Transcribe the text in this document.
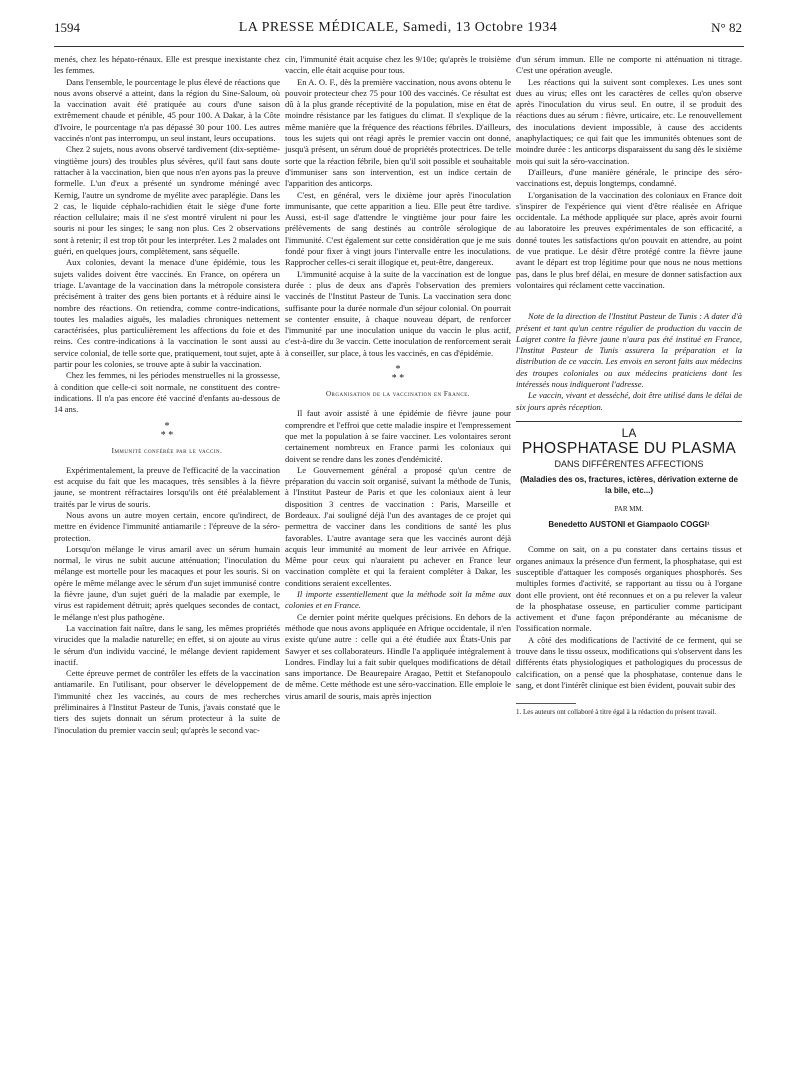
1594	LA PRESSE MÉDICALE, Samedi, 13 Octobre 1934	N° 82

menés, chez les hépato-rénaux. Elle est presque inexistante chez les femmes.

Dans l'ensemble, le pourcentage le plus élevé de réactions que nous avons observé a atteint, dans la région du Sine-Saloum, où la vaccination avait été pratiquée au cours d'une saison extrêmement chaude et pénible, 45 pour 100. A Dakar, à la Côte d'Ivoire, le pourcentage n'a pas dépassé 30 pour 100. Les autres vaccinés n'ont pas interrompu, un seul instant, leurs occupations.

Chez 2 sujets, nous avons observé tardivement (dix-septième-vingtième jours) des troubles plus sévères, qu'il faut sans doute rattacher à la vaccination, bien que nous n'en ayons pas la preuve formelle. L'un d'eux a présenté un syndrome méningé avec Kernig, l'autre un syndrome de myélite avec paraplégie. Dans les 2 cas, le liquide céphalo-rachidien était le siège d'une forte réaction cellulaire; mais il ne s'est montré virulent ni pour les souris ni pour les singes; le sang non plus. Ces 2 observations sont à retenir; il est trop tôt pour les interpréter. Les 2 malades ont guéri, en quelques jours, complètement, sans séquelle.

Aux colonies, devant la menace d'une épidémie, tous les sujets valides doivent être vaccinés. En France, on opérera un triage. L'avantage de la vaccination dans la métropole consistera précisément à traiter des gens bien portants et à réduire ainsi le nombre des réactions. On retiendra, comme contre-indications, toutes les maladies aiguës, les maladies chroniques nettement caractérisées, plus particulièrement les affections du foie et des reins. Ces contre-indications à la vaccination le sont aussi au service colonial, de telle sorte que, pratiquement, tout sujet, apte à partir pour les colonies, se trouve apte à subir la vaccination.

Chez les femmes, ni les périodes menstruelles ni la grossesse, à condition que celle-ci soit normale, ne constituent des contre-indications. Il n'a pas encore été vacciné d'enfants au-dessous de 14 ans.

*
* *
Immunité conférée par le vaccin.

Expérimentalement, la preuve de l'efficacité de la vaccination est acquise du fait que les macaques, très sensibles à la fièvre jaune, se montrent réfractaires lorsqu'ils ont été préalablement traités par le virus de souris.

Nous avons un autre moyen certain, encore qu'indirect, de mettre en évidence l'immunité antiamarile : l'épreuve de la séro-protection.

Lorsqu'on mélange le virus amaril avec un sérum humain normal, le virus ne subit aucune atténuation; l'inoculation du mélange est mortelle pour les macaques et pour les souris. Si on opère le même mélange avec le sérum d'un sujet immunisé contre la fièvre jaune, d'un sujet guéri de la maladie par exemple, le virus est rapidement détruit; après quelques secondes de contact, le mélange n'est plus pathogène.

La vaccination fait naître, dans le sang, les mêmes propriétés virucides que la maladie naturelle; en effet, si on ajoute au virus le sérum d'un individu vacciné, le mélange devient rapidement inactif.

Cette épreuve permet de contrôler les effets de la vaccination antiamarile. En l'utilisant, pour observer le développement de l'immunité chez les vaccinés, au cours de mes recherches préliminaires à l'Institut Pasteur de Tunis, j'avais constaté que le tiers des sujets donnait un sérum protecteur à la suite de l'inoculation du premier vaccin seul; qu'après le second vac-

cin, l'immunité était acquise chez les 9/10e; qu'après le troisième vaccin, elle était acquise pour tous.

En A. O. F., dès la première vaccination, nous avons obtenu le pouvoir protecteur chez 75 pour 100 des vaccinés. Ce résultat est dû à la plus grande réceptivité de la population, mise en état de moindre résistance par les fatigues du climat. Il s'explique de la même manière que la fréquence des réactions fébriles. D'ailleurs, tous les sujets qui ont réagi après le premier vaccin ont donné, jusqu'à présent, un sérum doué de propriétés protectrices. De telle sorte que la réaction fébrile, bien qu'il soit possible et souhaitable d'immuniser sans son intervention, est un indice certain de l'apparition des anticorps.

C'est, en général, vers le dixième jour après l'inoculation immunisante, que cette apparition a lieu. Elle peut être tardive. Aussi, est-il sage d'attendre le vingtième jour pour faire les prélèvements de sang destinés au contrôle sérologique de l'immunité. C'est également sur cette considération que je me suis fondé pour fixer à vingt jours l'intervalle entre les inoculations. Rapprocher celles-ci serait illogique et, peut-être, dangereux.

L'immunité acquise à la suite de la vaccination est de longue durée : plus de deux ans d'après l'observation des premiers vaccinés de l'Institut Pasteur de Tunis. La vaccination sera donc suffisante pour la durée normale d'un séjour colonial. On pourrait se contenter ensuite, à chaque nouveau départ, de renforcer l'immunité par une inoculation unique du vaccin le plus actif, c'est-à-dire du 3e vaccin. Cette inoculation de renforcement serait à conseiller, sur place, à tous les vaccinés, en cas d'épidémie.

*
* *
Organisation de la vaccination en France.

Il faut avoir assisté à une épidémie de fièvre jaune pour comprendre et l'effroi que cette maladie inspire et l'empressement que met la population à se faire vacciner. Les volontaires seront certainement nombreux en France parmi les coloniaux qui doivent se rendre dans les zones d'endémicité.

Le Gouvernement général a proposé qu'un centre de préparation du vaccin soit organisé, suivant la méthode de Tunis, à l'Institut Pasteur de Paris et que les coloniaux aient à leur disposition 3 centres de vaccination : Paris, Marseille et Bordeaux. J'ai souligné déjà l'un des avantages de ce projet qui permettra de vacciner dans les conditions de santé les plus favorables. L'autre avantage sera que les vaccinés auront déjà acquis leur immunité au moment de leur arrivée en Afrique. Même pour ceux qui n'auraient pu achever en France leur vaccination complète et qui la feraient compléter à Dakar, les conditions seraient excellentes.

Il importe essentiellement que la méthode soit la même aux colonies et en France.

Ce dernier point mérite quelques précisions. En dehors de la méthode que nous avons appliquée en Afrique occidentale, il n'en existe qu'une autre : celle qui a été étudiée aux États-Unis par Sawyer et ses collaborateurs. Hindle l'a appliquée intégralement à Londres. Findlay lui a fait subir quelques modifications de détail sans importance. De Beaurepaire Aragao, Pettit et Stefanopoulo de même. Cette méthode est une séro-vaccination. Elle emploie le virus amaril de souris, mais après injection

d'un sérum immun. Elle ne comporte ni atténuation ni titrage. C'est une opération aveugle.

Les réactions qui la suivent sont complexes. Les unes sont dues au virus; elles ont les caractères de celles qu'on observe après l'inoculation du virus seul. En outre, il se produit des réactions dues au sérum : fièvre, urticaire, etc. Le renouvellement des inoculations devient impossible, à cause des accidents anaphylactiques; ce qui fait que les immunités obtenues sont de moindre durée : les anticorps disparaissent du sang dès le sixième mois qui suit la séro-vaccination.

D'ailleurs, d'une manière générale, le principe des séro-vaccinations est, depuis longtemps, condamné.

L'organisation de la vaccination des coloniaux en France doit s'inspirer de l'expérience qui vient d'être réalisée en Afrique occidentale. La méthode appliquée sur place, après avoir fourni au laboratoire les preuves expérimentales de son efficacité, a donné toutes les satisfactions qu'on pouvait en attendre, au point de vue pratique. Le désir d'être protégé contre la fièvre jaune avant le départ est trop légitime pour que nous ne nous mettions pas, dans le plus bref délai, en mesure de donner satisfaction aux volontaires qui réclament cette vaccination.

Note de la direction de l'Institut Pasteur de Tunis : A dater d'à présent et tant qu'un centre régulier de production du vaccin de Laigret contre la fièvre jaune n'aura pas été institué en France, l'Institut Pasteur de Tunis assurera la préparation et la distribution de ce vaccin. Les envois en seront faits aux médecins des troupes coloniales ou aux médecins praticiens dont les intéressés nous indiqueront l'adresse.

Le vaccin, vivant et desséché, doit être utilisé dans le délai de six jours après réception.

LA
PHOSPHATASE DU PLASMA
DANS DIFFÉRENTES AFFECTIONS
(Maladies des os, fractures, ictères, dérivation externe de la bile, etc...)
PAR MM.
Benedetto AUSTONI et Giampaolo COGGI¹

Comme on sait, on a pu constater dans certains tissus et organes animaux la présence d'un ferment, la phosphatase, qui est susceptible d'attaquer les composés organiques phosphorés. Ses multiples formes d'activité, se rapportant au tissu ou à l'organe dont elle provient, ont été reconnues et on a pu relever la valeur de la phosphatase osseuse, en particulier comme participant activement et d'une façon prépondérante au mécanisme de l'ossification normale.

A côté des modifications de l'activité de ce ferment, qui se trouve dans le tissu osseux, modifications qui s'observent dans les différents états physiologiques et pathologiques du processus de calcification, on a pensé que la phosphatase, contenue dans le sang, et dont l'intérêt clinique est bien évident, pouvait subir des

1. Les auteurs ont collaboré à titre égal à la rédaction du présent travail.
